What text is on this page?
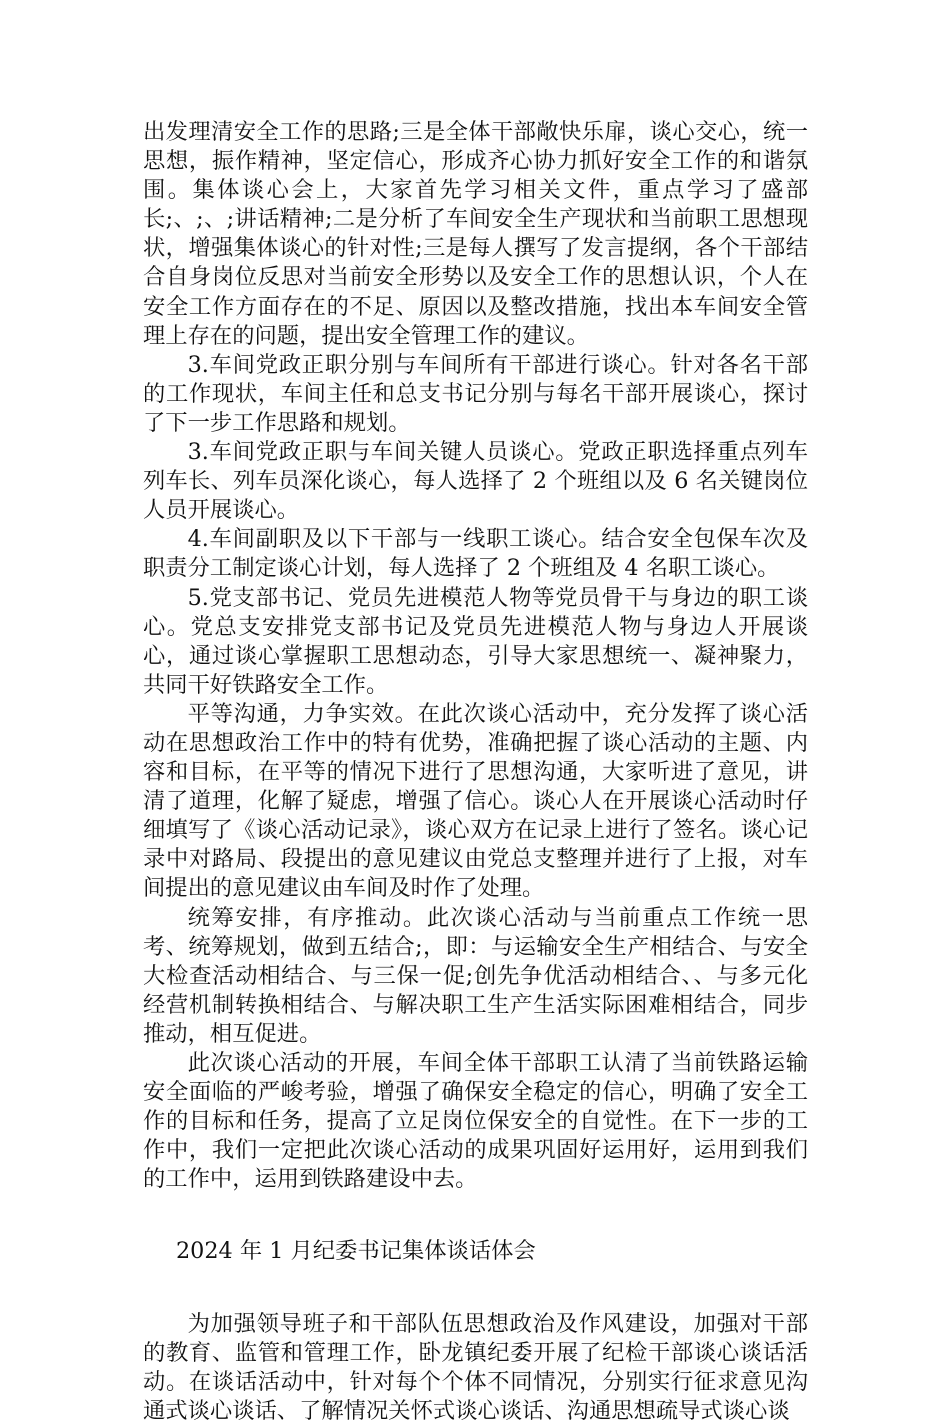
出发理清安全工作的思路;三是全体干部敞快乐扉，谈心交心，统一思想，振作精神，坚定信心，形成齐心协力抓好安全工作的和谐氛围。集体谈心会上，大家首先学习相关文件，重点学习了盛部长;、;、;讲话精神;二是分析了车间安全生产现状和当前职工思想现状，增强集体谈心的针对性;三是每人撰写了发言提纲，各个干部结合自身岗位反思对当前安全形势以及安全工作的思想认识，个人在安全工作方面存在的不足、原因以及整改措施，找出本车间安全管理上存在的问题，提出安全管理工作的建议。

3.车间党政正职分别与车间所有干部进行谈心。针对各名干部的工作现状，车间主任和总支书记分别与每名干部开展谈心，探讨了下一步工作思路和规划。

3.车间党政正职与车间关键人员谈心。党政正职选择重点列车列车长、列车员深化谈心，每人选择了 2 个班组以及 6 名关键岗位人员开展谈心。

4.车间副职及以下干部与一线职工谈心。结合安全包保车次及职责分工制定谈心计划，每人选择了 2 个班组及 4 名职工谈心。

5.党支部书记、党员先进模范人物等党员骨干与身边的职工谈心。党总支安排党支部书记及党员先进模范人物与身边人开展谈心，通过谈心掌握职工思想动态，引导大家思想统一、凝神聚力，共同干好铁路安全工作。

平等沟通，力争实效。在此次谈心活动中，充分发挥了谈心活动在思想政治工作中的特有优势，准确把握了谈心活动的主题、内容和目标，在平等的情况下进行了思想沟通，大家听进了意见，讲清了道理，化解了疑虑，增强了信心。谈心人在开展谈心活动时仔细填写了《谈心活动记录》，谈心双方在记录上进行了签名。谈心记录中对路局、段提出的意见建议由党总支整理并进行了上报，对车间提出的意见建议由车间及时作了处理。

统筹安排，有序推动。此次谈心活动与当前重点工作统一思考、统筹规划，做到五结合;，即：与运输安全生产相结合、与安全大检查活动相结合、与三保一促;创先争优活动相结合、、与多元化经营机制转换相结合、与解决职工生产生活实际困难相结合，同步推动，相互促进。

此次谈心活动的开展，车间全体干部职工认清了当前铁路运输安全面临的严峻考验，增强了确保安全稳定的信心，明确了安全工作的目标和任务，提高了立足岗位保安全的自觉性。在下一步的工作中，我们一定把此次谈心活动的成果巩固好运用好，运用到我们的工作中，运用到铁路建设中去。

2024 年 1 月纪委书记集体谈话体会

为加强领导班子和干部队伍思想政治及作风建设，加强对干部的教育、监管和管理工作，卧龙镇纪委开展了纪检干部谈心谈话活动。在谈话活动中，针对每个个体不同情况，分别实行征求意见沟通式谈心谈话、了解情况关怀式谈心谈话、沟通思想疏导式谈心谈
